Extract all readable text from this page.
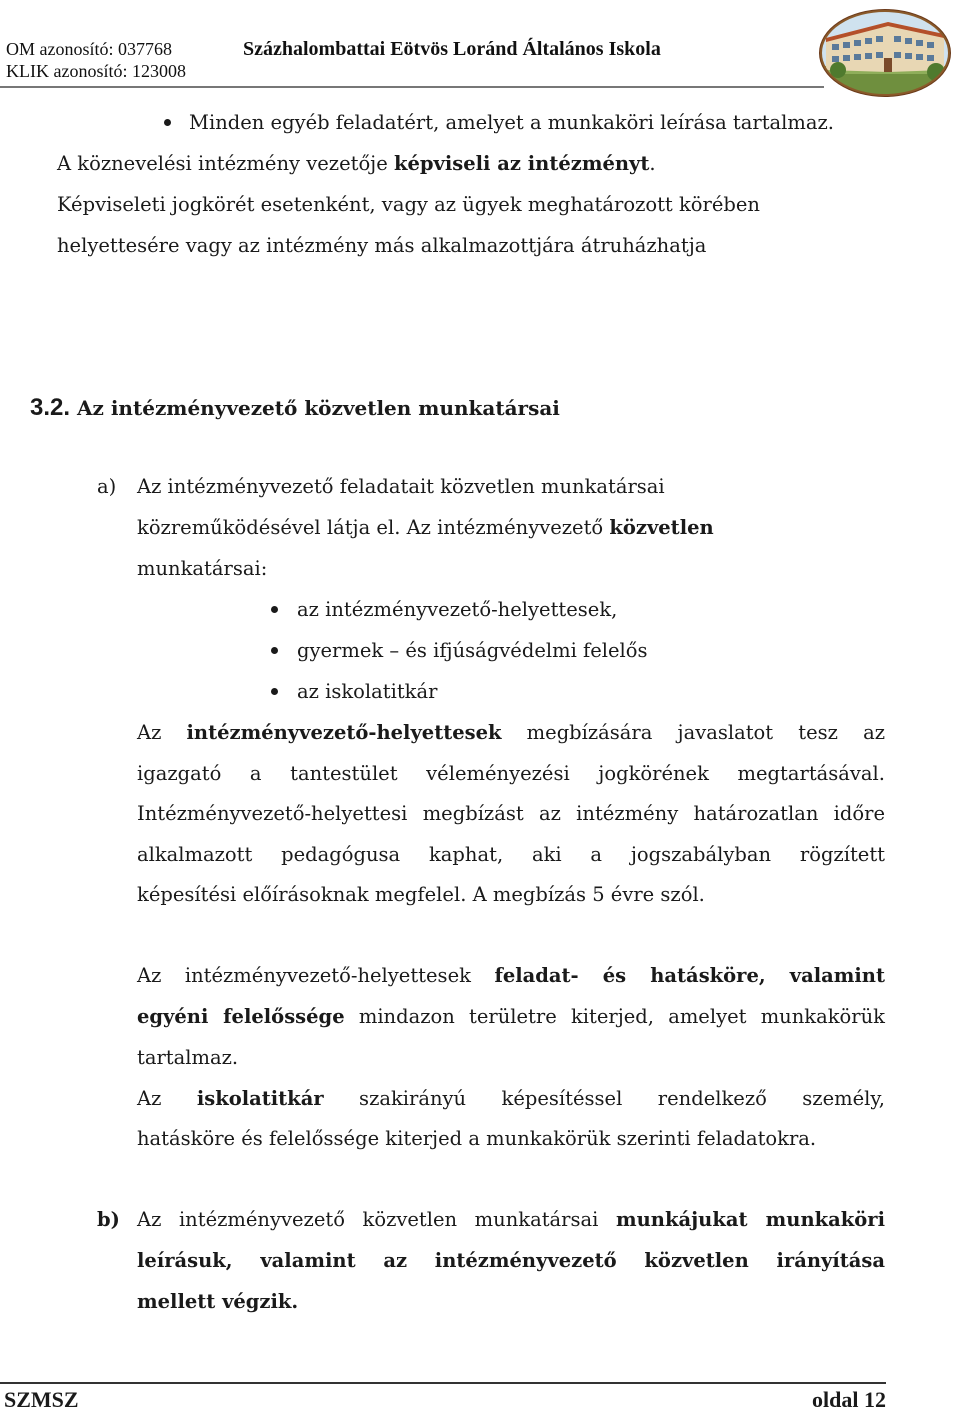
OM azonosító: 037768
KLIK azonosító: 123008
Százhalombattai Eötvös Loránd Általános Iskola
Minden egyéb feladatért, amelyet a munkaköri leírása tartalmaz.
A köznevelési intézmény vezetője képviseli az intézményt.
Képviseleti jogkörét esetenként, vagy az ügyek meghatározott körében
helyettesére vagy az intézmény más alkalmazottjára átruházhatja
3.2. Az intézményvezető közvetlen munkatársai
a) Az intézményvezető feladatait közvetlen munkatársai
közreműködésével látja el. Az intézményvezető közvetlen
munkatársai:
az intézményvezető-helyettesek,
gyermek – és ifjúságvédelmi felelős
az iskolatitkár
Az intézményvezető-helyettesek megbízására javaslatot tesz az
igazgató a tantestület véleményezési jogkörének megtartásával.
Intézményvezető-helyettesi megbízást az intézmény határozatlan időre
alkalmazott pedagógusa kaphat, aki a jogszabályban rögzített
képesítési előírásoknak megfelel. A megbízás 5 évre szól.
Az intézményvezető-helyettesek feladat- és hatásköre, valamint
egyéni felelőssége mindazon területre kiterjed, amelyet munkakörük
tartalmaz.
Az iskolatitkár szakirányú képesítéssel rendelkező személy,
hatásköre és felelőssége kiterjed a munkakörük szerinti feladatokra.
b) Az intézményvezető közvetlen munkatársai munkájukat munkaköri
leírásuk, valamint az intézményvezető közvetlen irányítása
mellett végzik.
SZMSZ	oldal 12
